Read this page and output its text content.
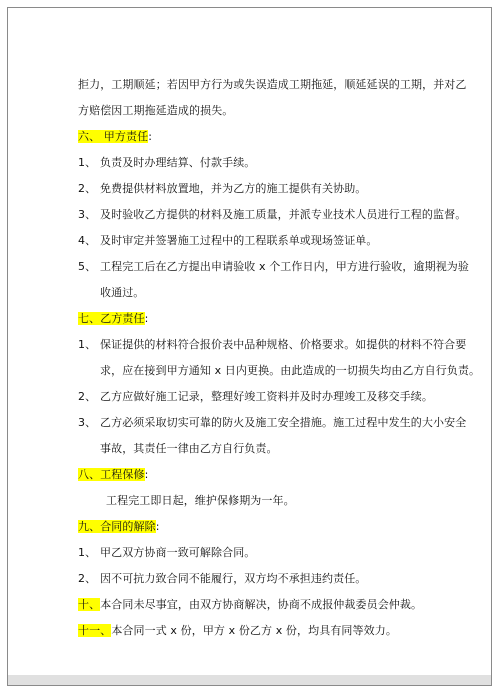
拒力，工期顺延；若因甲方行为或失误造成工期拖延，顺延延误的工期，并对乙
方赔偿因工期拖延造成的损失。
六、 甲方责任:
1、 负责及时办理结算、付款手续。
2、 免费提供材料放置地，并为乙方的施工提供有关协助。
3、 及时验收乙方提供的材料及施工质量，并派专业技术人员进行工程的监督。
4、 及时审定并签署施工过程中的工程联系单或现场签证单。
5、 工程完工后在乙方提出申请验收 x 个工作日内，甲方进行验收，逾期视为验
收通过。
七、乙方责任:
1、 保证提供的材料符合报价表中品种规格、价格要求。如提供的材料不符合要
求，应在接到甲方通知 x 日内更换。由此造成的一切损失均由乙方自行负责。
2、 乙方应做好施工记录，整理好竣工资料并及时办理竣工及移交手续。
3、 乙方必须采取切实可靠的防火及施工安全措施。施工过程中发生的大小安全
事故，其责任一律由乙方自行负责。
八、工程保修:
工程完工即日起，维护保修期为一年。
九、合同的解除:
1、 甲乙双方协商一致可解除合同。
2、 因不可抗力致合同不能履行，双方均不承担违约责任。
十、本合同未尽事宜，由双方协商解决，协商不成报仲裁委员会仲裁。
十一、本合同一式 x 份，甲方 x 份乙方 x 份，均具有同等效力。
